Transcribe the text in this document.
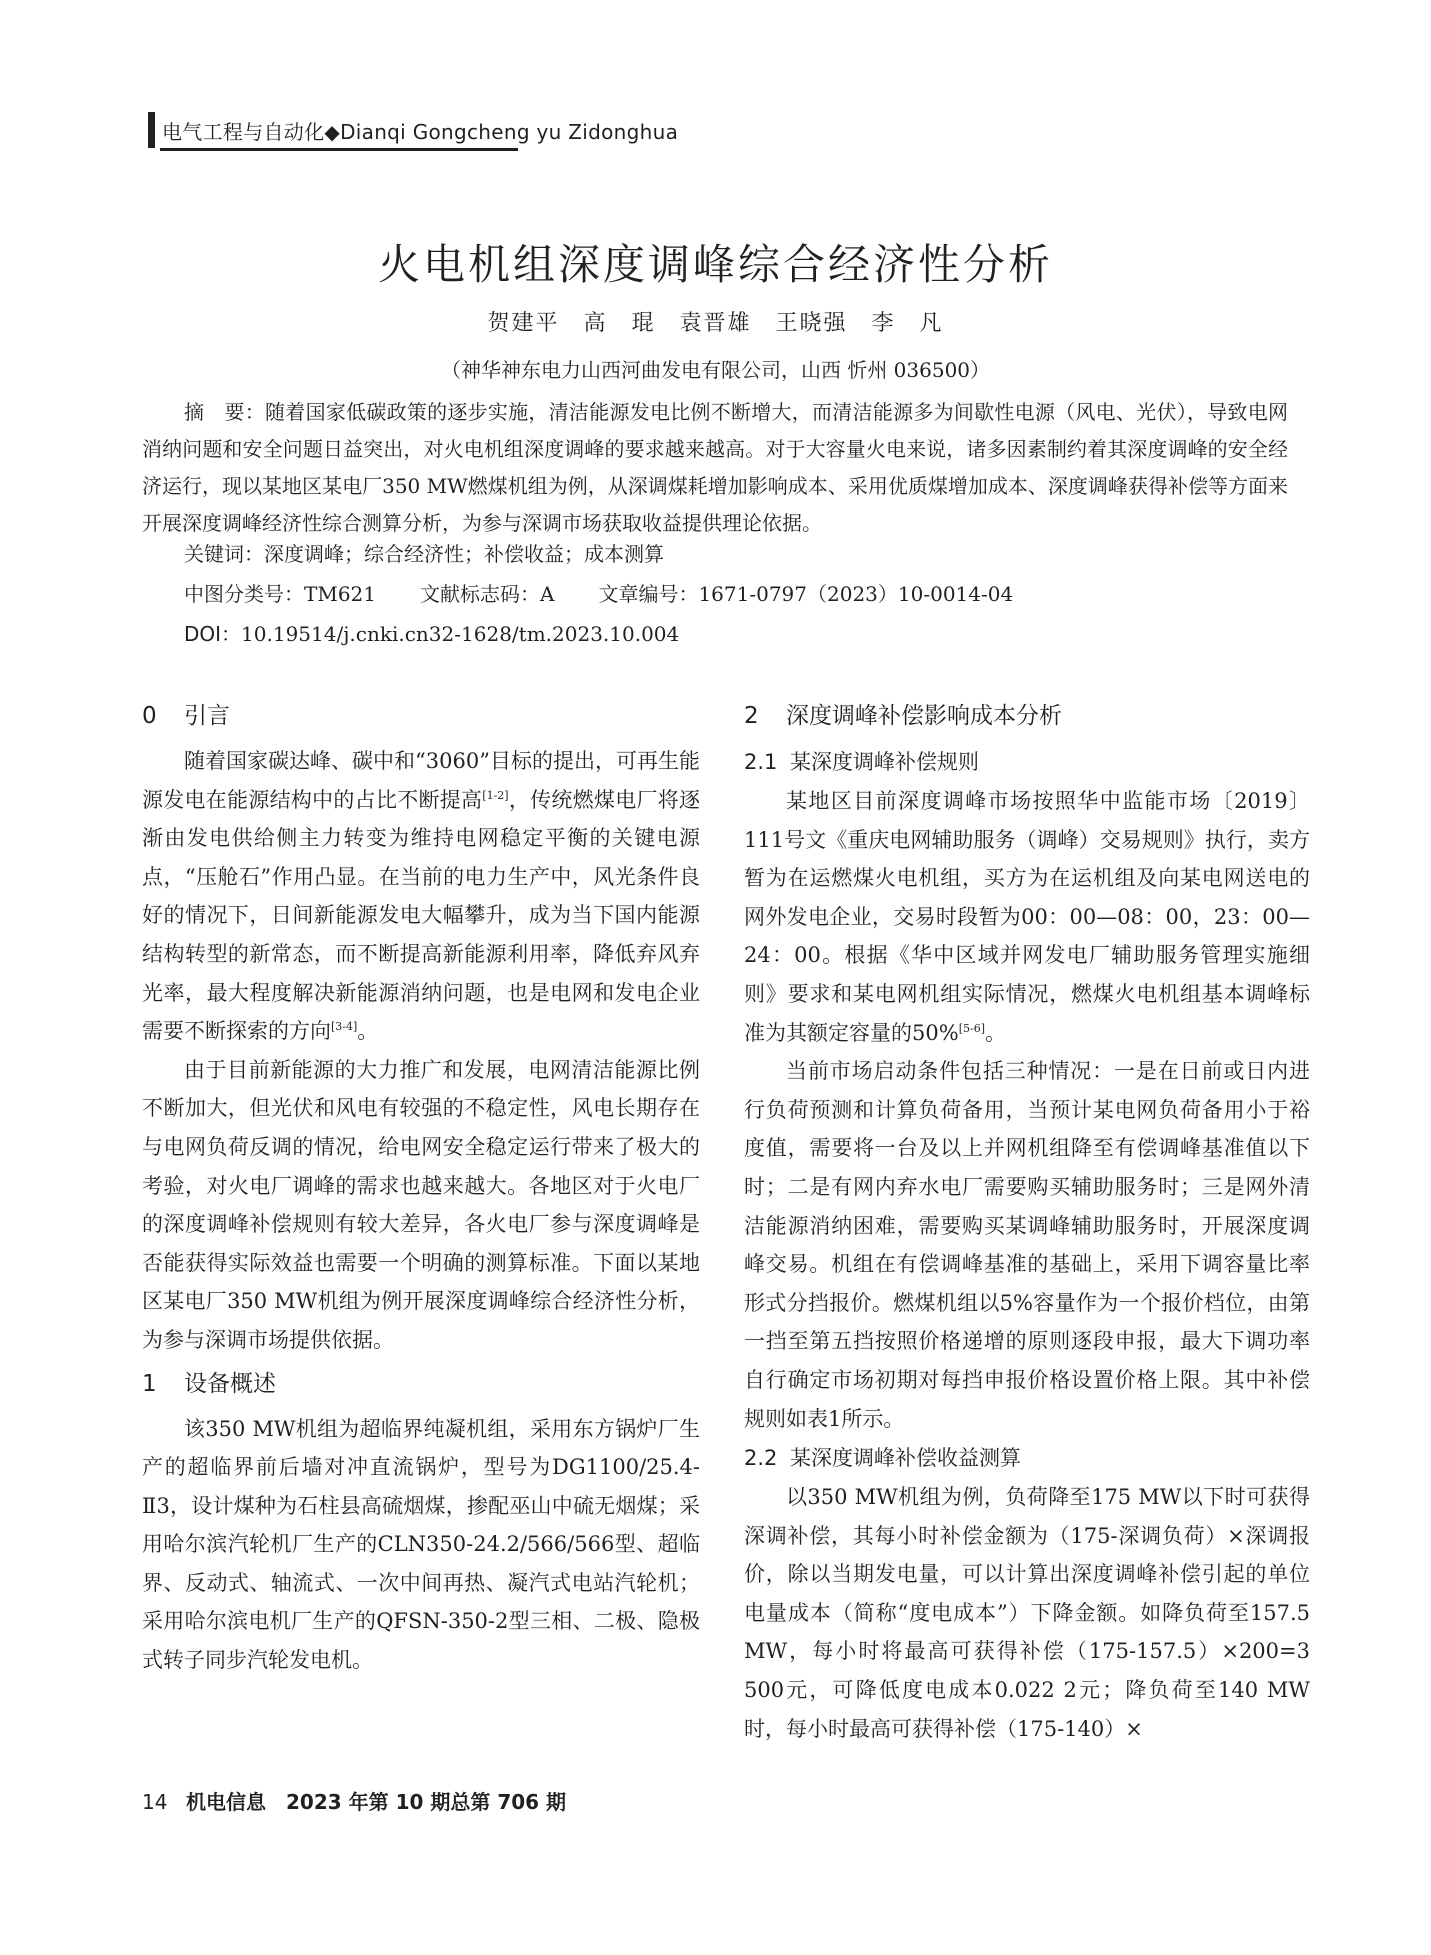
电气工程与自动化◆Dianqi Gongcheng yu Zidonghua
火电机组深度调峰综合经济性分析
贺建平　高　琨　袁晋雄　王晓强　李　凡
（神华神东电力山西河曲发电有限公司，山西 忻州 036500）
摘　要：随着国家低碳政策的逐步实施，清洁能源发电比例不断增大，而清洁能源多为间歇性电源（风电、光伏），导致电网消纳问题和安全问题日益突出，对火电机组深度调峰的要求越来越高。对于大容量火电来说，诸多因素制约着其深度调峰的安全经济运行，现以某地区某电厂350 MW燃煤机组为例，从深调煤耗增加影响成本、采用优质煤增加成本、深度调峰获得补偿等方面来开展深度调峰经济性综合测算分析，为参与深调市场获取收益提供理论依据。
关键词：深度调峰；综合经济性；补偿收益；成本测算
中图分类号：TM621 文献标志码：A 文章编号：1671-0797（2023）10-0014-04
DOI：10.19514/j.cnki.cn32-1628/tm.2023.10.004
0 引言

随着国家碳达峰、碳中和“3060”目标的提出，可再生能源发电在能源结构中的占比不断提高[1-2]，传统燃煤电厂将逐渐由发电供给侧主力转变为维持电网稳定平衡的关键电源点，“压舱石”作用凸显。在当前的电力生产中，风光条件良好的情况下，日间新能源发电大幅攀升，成为当下国内能源结构转型的新常态，而不断提高新能源利用率，降低弃风弃光率，最大程度解决新能源消纳问题，也是电网和发电企业需要不断探索的方向[3-4]。

由于目前新能源的大力推广和发展，电网清洁能源比例不断加大，但光伏和风电有较强的不稳定性，风电长期存在与电网负荷反调的情况，给电网安全稳定运行带来了极大的考验，对火电厂调峰的需求也越来越大。各地区对于火电厂的深度调峰补偿规则有较大差异，各火电厂参与深度调峰是否能获得实际效益也需要一个明确的测算标准。下面以某地区某电厂350 MW机组为例开展深度调峰综合经济性分析，为参与深调市场提供依据。

1 设备概述

该350 MW机组为超临界纯凝机组，采用东方锅炉厂生产的超临界前后墙对冲直流锅炉，型号为DG1100/25.4-Ⅱ3，设计煤种为石柱县高硫烟煤，掺配巫山中硫无烟煤；采用哈尔滨汽轮机厂生产的CLN350-24.2/566/566型、超临界、反动式、轴流式、一次中间再热、凝汽式电站汽轮机；采用哈尔滨电机厂生产的QFSN-350-2型三相、二极、隐极式转子同步汽轮发电机。

2 深度调峰补偿影响成本分析
2.1 某深度调峰补偿规则

某地区目前深度调峰市场按照华中监能市场〔2019〕111号文《重庆电网辅助服务（调峰）交易规则》执行，卖方暂为在运燃煤火电机组，买方为在运机组及向某电网送电的网外发电企业，交易时段暂为00：00—08：00，23：00—24：00。根据《华中区域并网发电厂辅助服务管理实施细则》要求和某电网机组实际情况，燃煤火电机组基本调峰标准为其额定容量的50%[5-6]。

当前市场启动条件包括三种情况：一是在日前或日内进行负荷预测和计算负荷备用，当预计某电网负荷备用小于裕度值，需要将一台及以上并网机组降至有偿调峰基准值以下时；二是有网内弃水电厂需要购买辅助服务时；三是网外清洁能源消纳困难，需要购买某调峰辅助服务时，开展深度调峰交易。机组在有偿调峰基准的基础上，采用下调容量比率形式分挡报价。燃煤机组以5%容量作为一个报价档位，由第一挡至第五挡按照价格递增的原则逐段申报，最大下调功率自行确定市场初期对每挡申报价格设置价格上限。其中补偿规则如表1所示。

2.2 某深度调峰补偿收益测算

以350 MW机组为例，负荷降至175 MW以下时可获得深调补偿，其每小时补偿金额为（175-深调负荷）×深调报价，除以当期发电量，可以计算出深度调峰补偿引起的单位电量成本（简称“度电成本”）下降金额。如降负荷至157.5 MW，每小时将最高可获得补偿（175-157.5）×200=3 500元，可降低度电成本0.022 2元；降负荷至140 MW时，每小时最高可获得补偿（175-140）×

14 机电信息　2023 年第 10 期总第 706 期
